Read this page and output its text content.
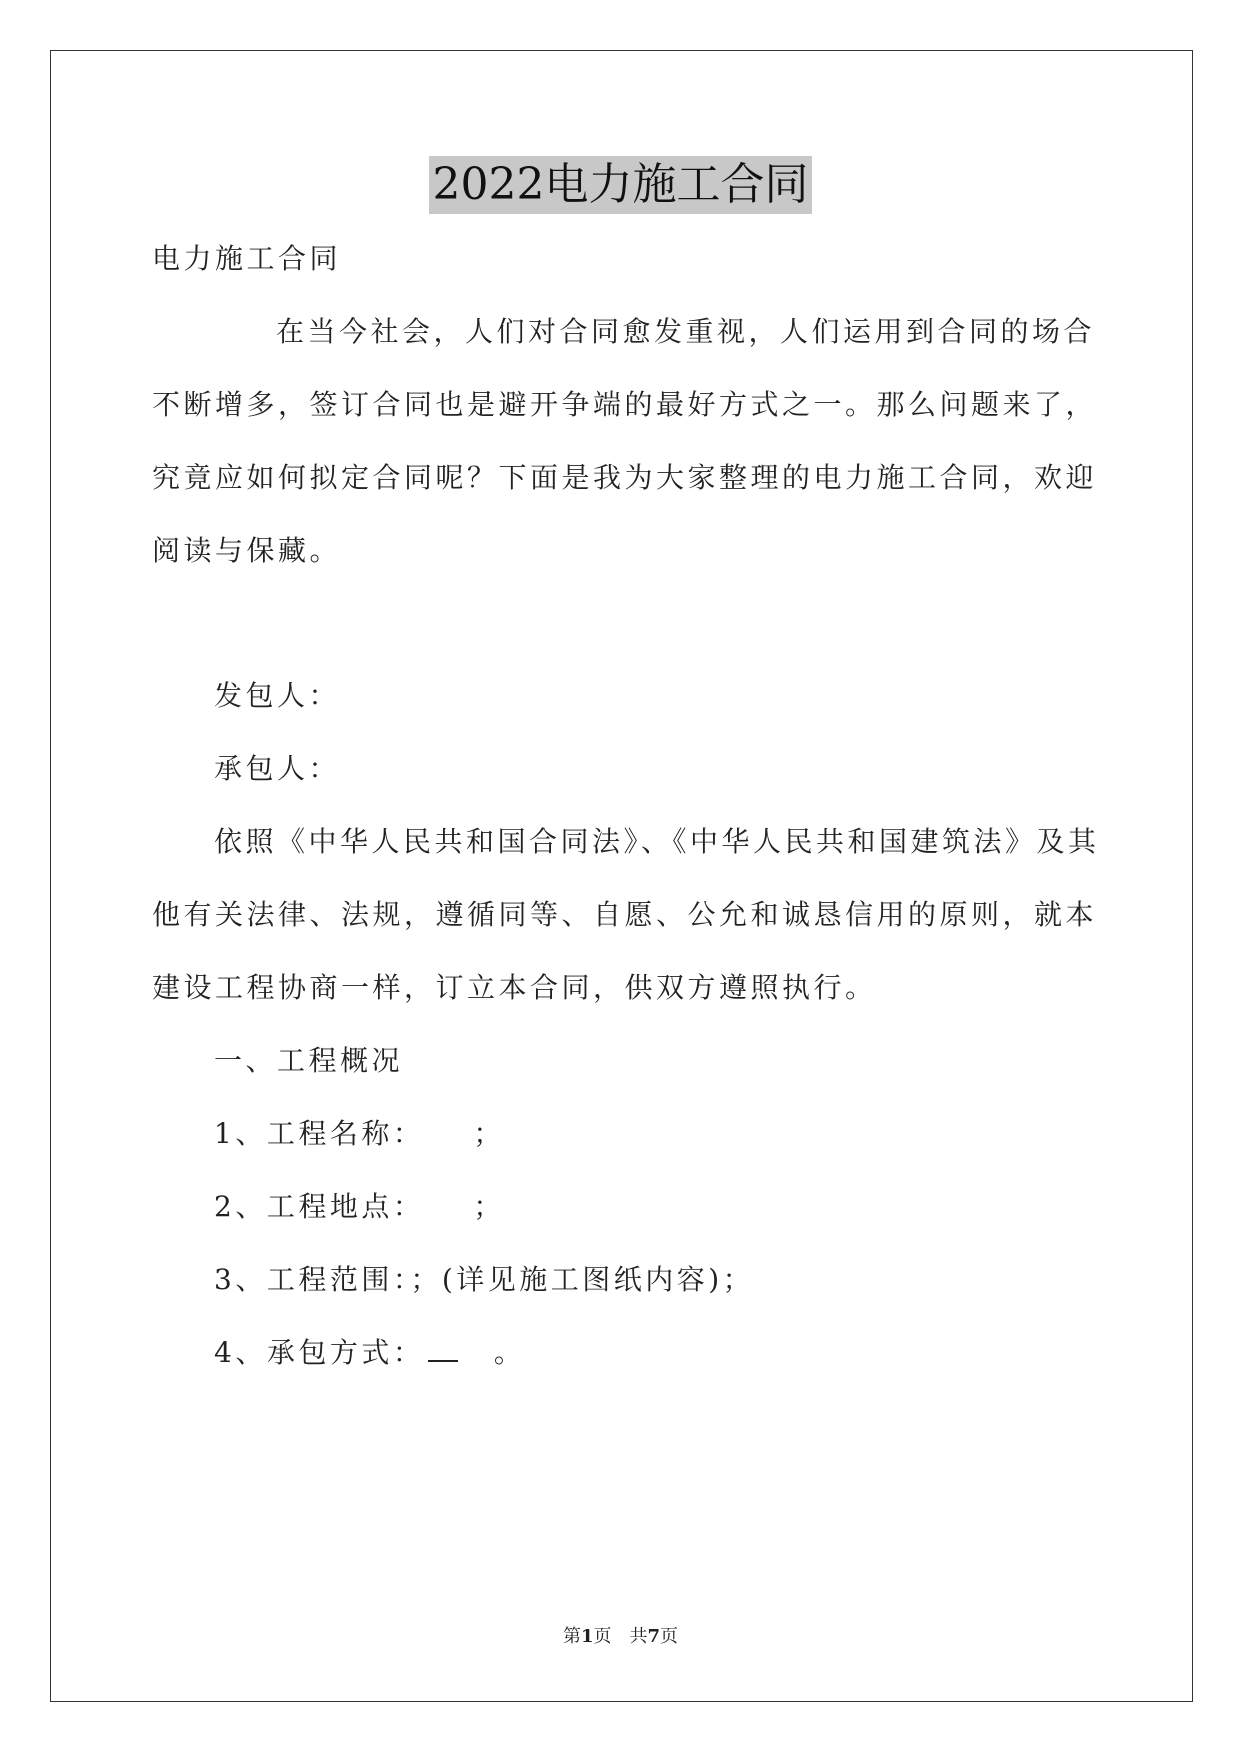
2022电力施工合同
电力施工合同
在当今社会，人们对合同愈发重视，人们运用到合同的场合
不断增多，签订合同也是避开争端的最好方式之一。那么问题来了，
究竟应如何拟定合同呢？下面是我为大家整理的电力施工合同，欢迎
阅读与保藏。
发包人：
承包人：
依照《中华人民共和国合同法》、《中华人民共和国建筑法》及其
他有关法律、法规，遵循同等、自愿、公允和诚恳信用的原则，就本
建设工程协商一样，订立本合同，供双方遵照执行。
一、工程概况
1、工程名称：　　；
2、工程地点：　　；
3、工程范围：；(详见施工图纸内容)；
4、承包方式：　。
第1页　共7页
